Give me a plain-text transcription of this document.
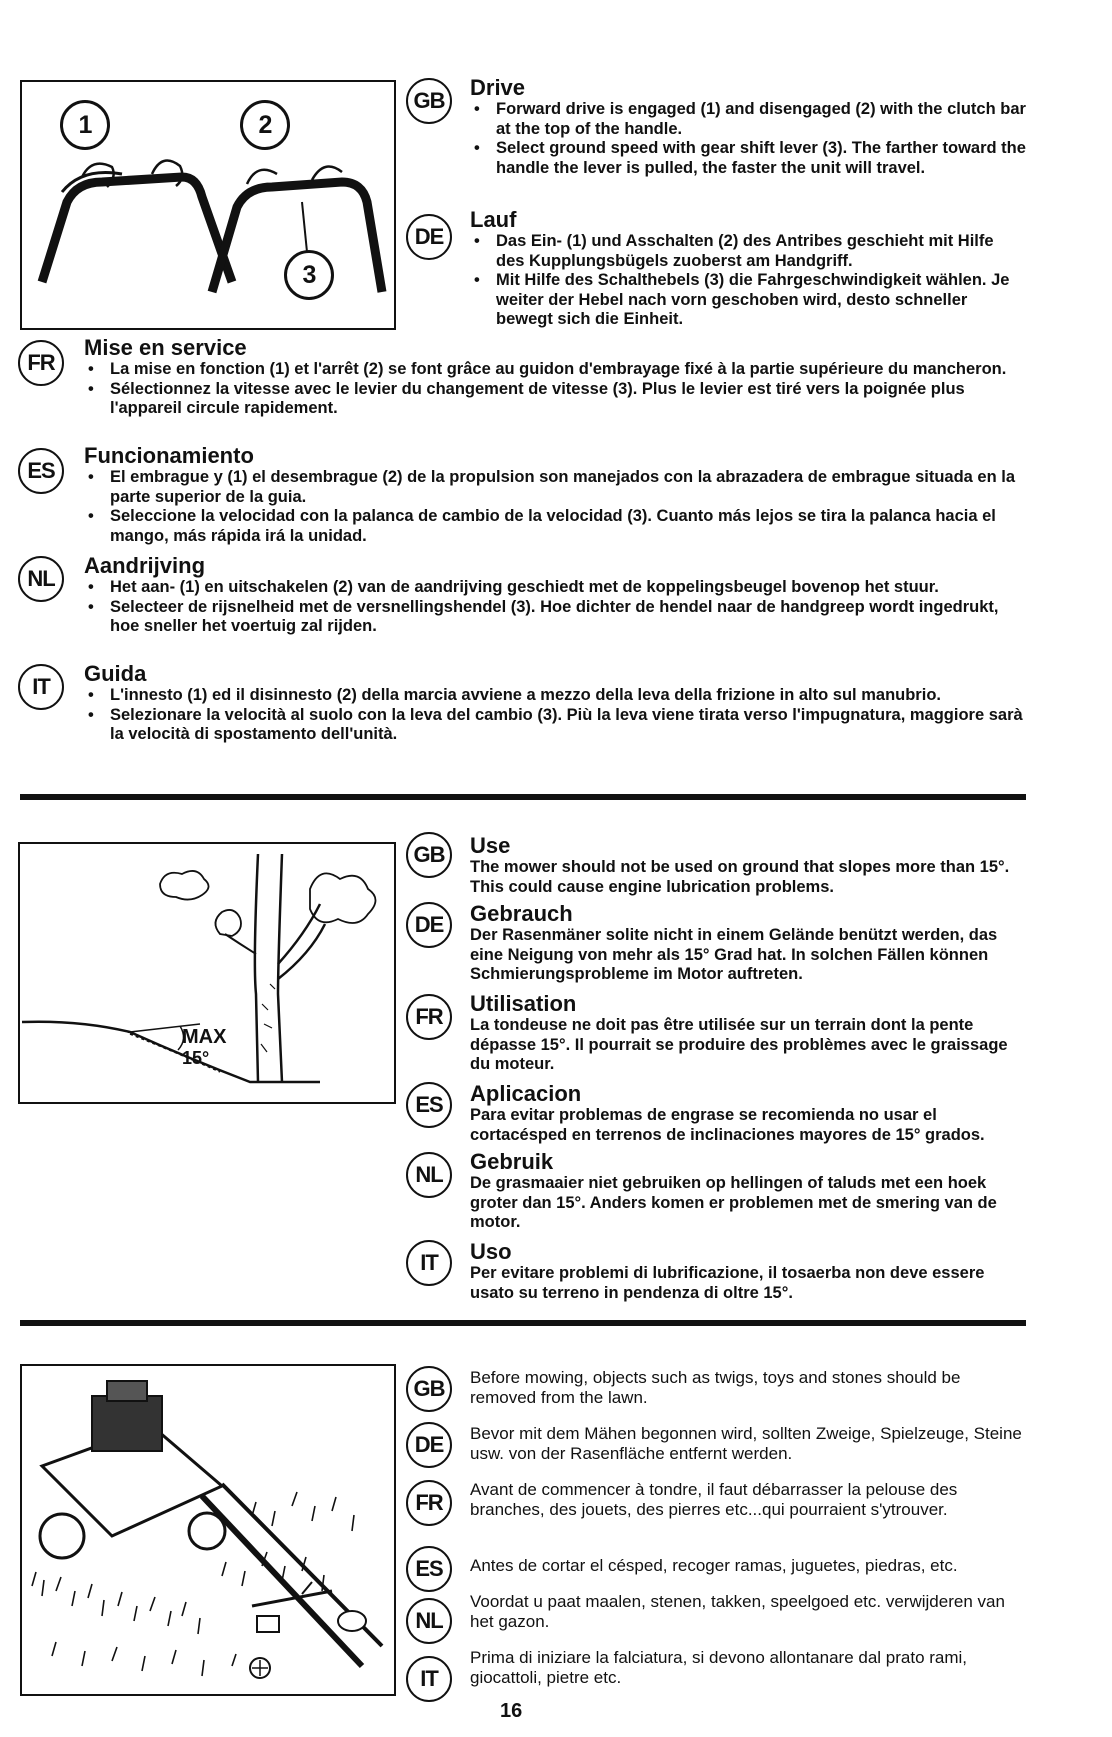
1	2
3
GB
Drive
• Forward drive is engaged (1) and disengaged (2) with the clutch bar at the top of the handle.
• Select ground speed with gear shift lever (3). The farther toward the handle the lever is pulled, the faster the unit will travel.
DE
Lauf
• Das Ein- (1) und Asschalten (2) des Antribes geschieht mit Hilfe des Kupplungsbügels zuoberst am Handgriff.
• Mit Hilfe des Schalthebels (3) die Fahrgeschwindigkeit wählen. Je weiter der Hebel nach vorn geschoben wird, desto schneller bewegt sich die Einheit.
FR
Mise en service
• La mise en fonction (1) et l'arrêt (2) se font grâce au guidon d'embrayage fixé à la partie supérieure du mancheron.
• Sélectionnez la vitesse avec le levier du changement de vitesse (3). Plus le levier est tiré vers la poignée plus l'appareil circule rapidement.
ES
Funcionamiento
• El embrague y (1) el desembrague (2) de la propulsion son manejados con la abrazadera de embrague situada en la parte superior de la guia.
• Seleccione la velocidad con la palanca de cambio de la velocidad (3). Cuanto más lejos se tira la palanca hacia el mango, más rápida irá la unidad.
NL
Aandrijving
• Het aan- (1) en uitschakelen (2) van de aandrijving geschiedt met de koppelingsbeugel bovenop het stuur.
• Selecteer de rijsnelheid met de versnellingshendel (3). Hoe dichter de hendel naar de handgreep wordt ingedrukt, hoe sneller het voertuig zal rijden.
IT
Guida
• L'innesto (1) ed il disinnesto (2) della marcia avviene a mezzo della leva della frizione in alto sul manubrio.
• Selezionare la velocità al suolo con la leva del cambio (3). Più la leva viene tirata verso l'impugnatura, maggiore sarà la velocità di spostamento dell'unità.
MAX
15°
GB	Use
The mower should not be used on ground that slopes more than 15°. This could cause engine lubrication problems.
DE	Gebrauch
Der Rasenmäner solite nicht in einem Gelände benützt werden, das eine Neigung von mehr als 15° Grad hat. In solchen Fällen können Schmierungsprobleme im Motor auftreten.
FR
Utilisation
La tondeuse ne doit pas être utilisée sur un terrain dont la pente dépasse 15°. Il pourrait se produire des problèmes avec le graissage du moteur.
ES	Aplicacion
Para evitar problemas de engrase se recomienda no usar el cortacésped en terrenos de inclinaciones mayores de 15° grados.
NL
Gebruik
De grasmaaier niet gebruiken op hellingen of taluds met een hoek groter dan 15°. Anders komen er problemen met de smering van de motor.
IT	Uso
Per evitare problemi di lubrificazione, il tosaerba non deve essere usato su terreno in pendenza di oltre 15°.
GB	Before mowing, objects such as twigs, toys and stones should be removed from the lawn.
DE	Bevor mit dem Mähen begonnen wird, sollten Zweige, Spielzeuge, Steine usw. von der Rasenfläche entfernt werden.
FR
Avant de commencer à tondre, il faut débarrasser la pelouse des branches, des jouets, des pierres etc...qui pourraient s'ytrouver.
ES	Antes de cortar el césped, recoger ramas, juguetes, piedras, etc.
NL
Voordat u paat maalen, stenen, takken, speelgoed etc. verwijderen van het gazon.
IT
Prima di iniziare la falciatura, si devono allontanare dal prato rami, giocattoli, pietre etc.
16
